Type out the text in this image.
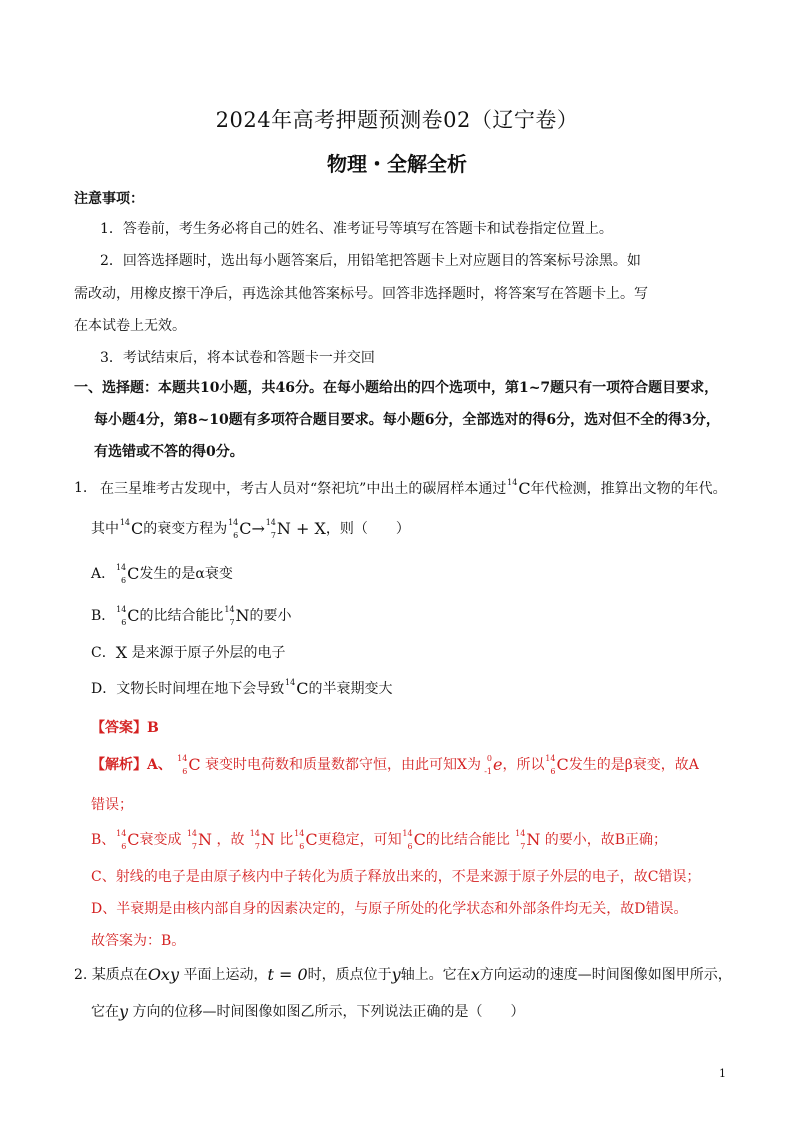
2024年高考押题预测卷02（辽宁卷）
物理・全解全析
注意事项：
1．答卷前，考生务必将自己的姓名、准考证号等填写在答题卡和试卷指定位置上。
2．回答选择题时，选出每小题答案后，用铅笔把答题卡上对应题目的答案标号涂黑。如
需改动，用橡皮擦干净后，再选涂其他答案标号。回答非选择题时，将答案写在答题卡上。写
在本试卷上无效。
3．考试结束后，将本试卷和答题卡一并交回
一、选择题：本题共10小题，共46分。在每小题给出的四个选项中，第1~7题只有一项符合题目要求，
每小题4分，第8~10题有多项符合题目要求。每小题6分，全部选对的得6分，选对但不全的得3分，
有选错或不答的得0分。
1. 在三星堆考古发现中，考古人员对“祭祀坑”中出土的碳屑样本通过 14 C年代检测，推算出文物的年代。
其中 14 C的衰变方程为 14
6 C→ 14
7 N + X，则（　　）
A． 14
6 C发生的是α衰变
B． 14
6 C的比结合能比 14
7 N的要小
C．X 是来源于原子外层的电子
D．文物长时间埋在地下会导致 14 C的半衰期变大
【答案】B
【解析】A、 14
6 C 衰变时电荷数和质量数都守恒，由此可知X为 0
-1 e，所以 14
6 C发生的是β衰变，故A
错误；
B、 14
6 C衰变成 14
7 N ，故 14
7 N 比 14
6 C更稳定，可知 14
6 C的比结合能比 14
7 N 的要小，故B正确；
C、射线的电子是由原子核内中子转化为质子释放出来的，不是来源于原子外层的电子，故C错误；
D、半衰期是由核内部自身的因素决定的，与原子所处的化学状态和外部条件均无关，故D错误。
故答案为：B。
2. 某质点在Oxy 平面上运动，t = 0时，质点位于y轴上。它在x方向运动的速度—时间图像如图甲所示，
它在y 方向的位移—时间图像如图乙所示，下列说法正确的是（　　）
1
